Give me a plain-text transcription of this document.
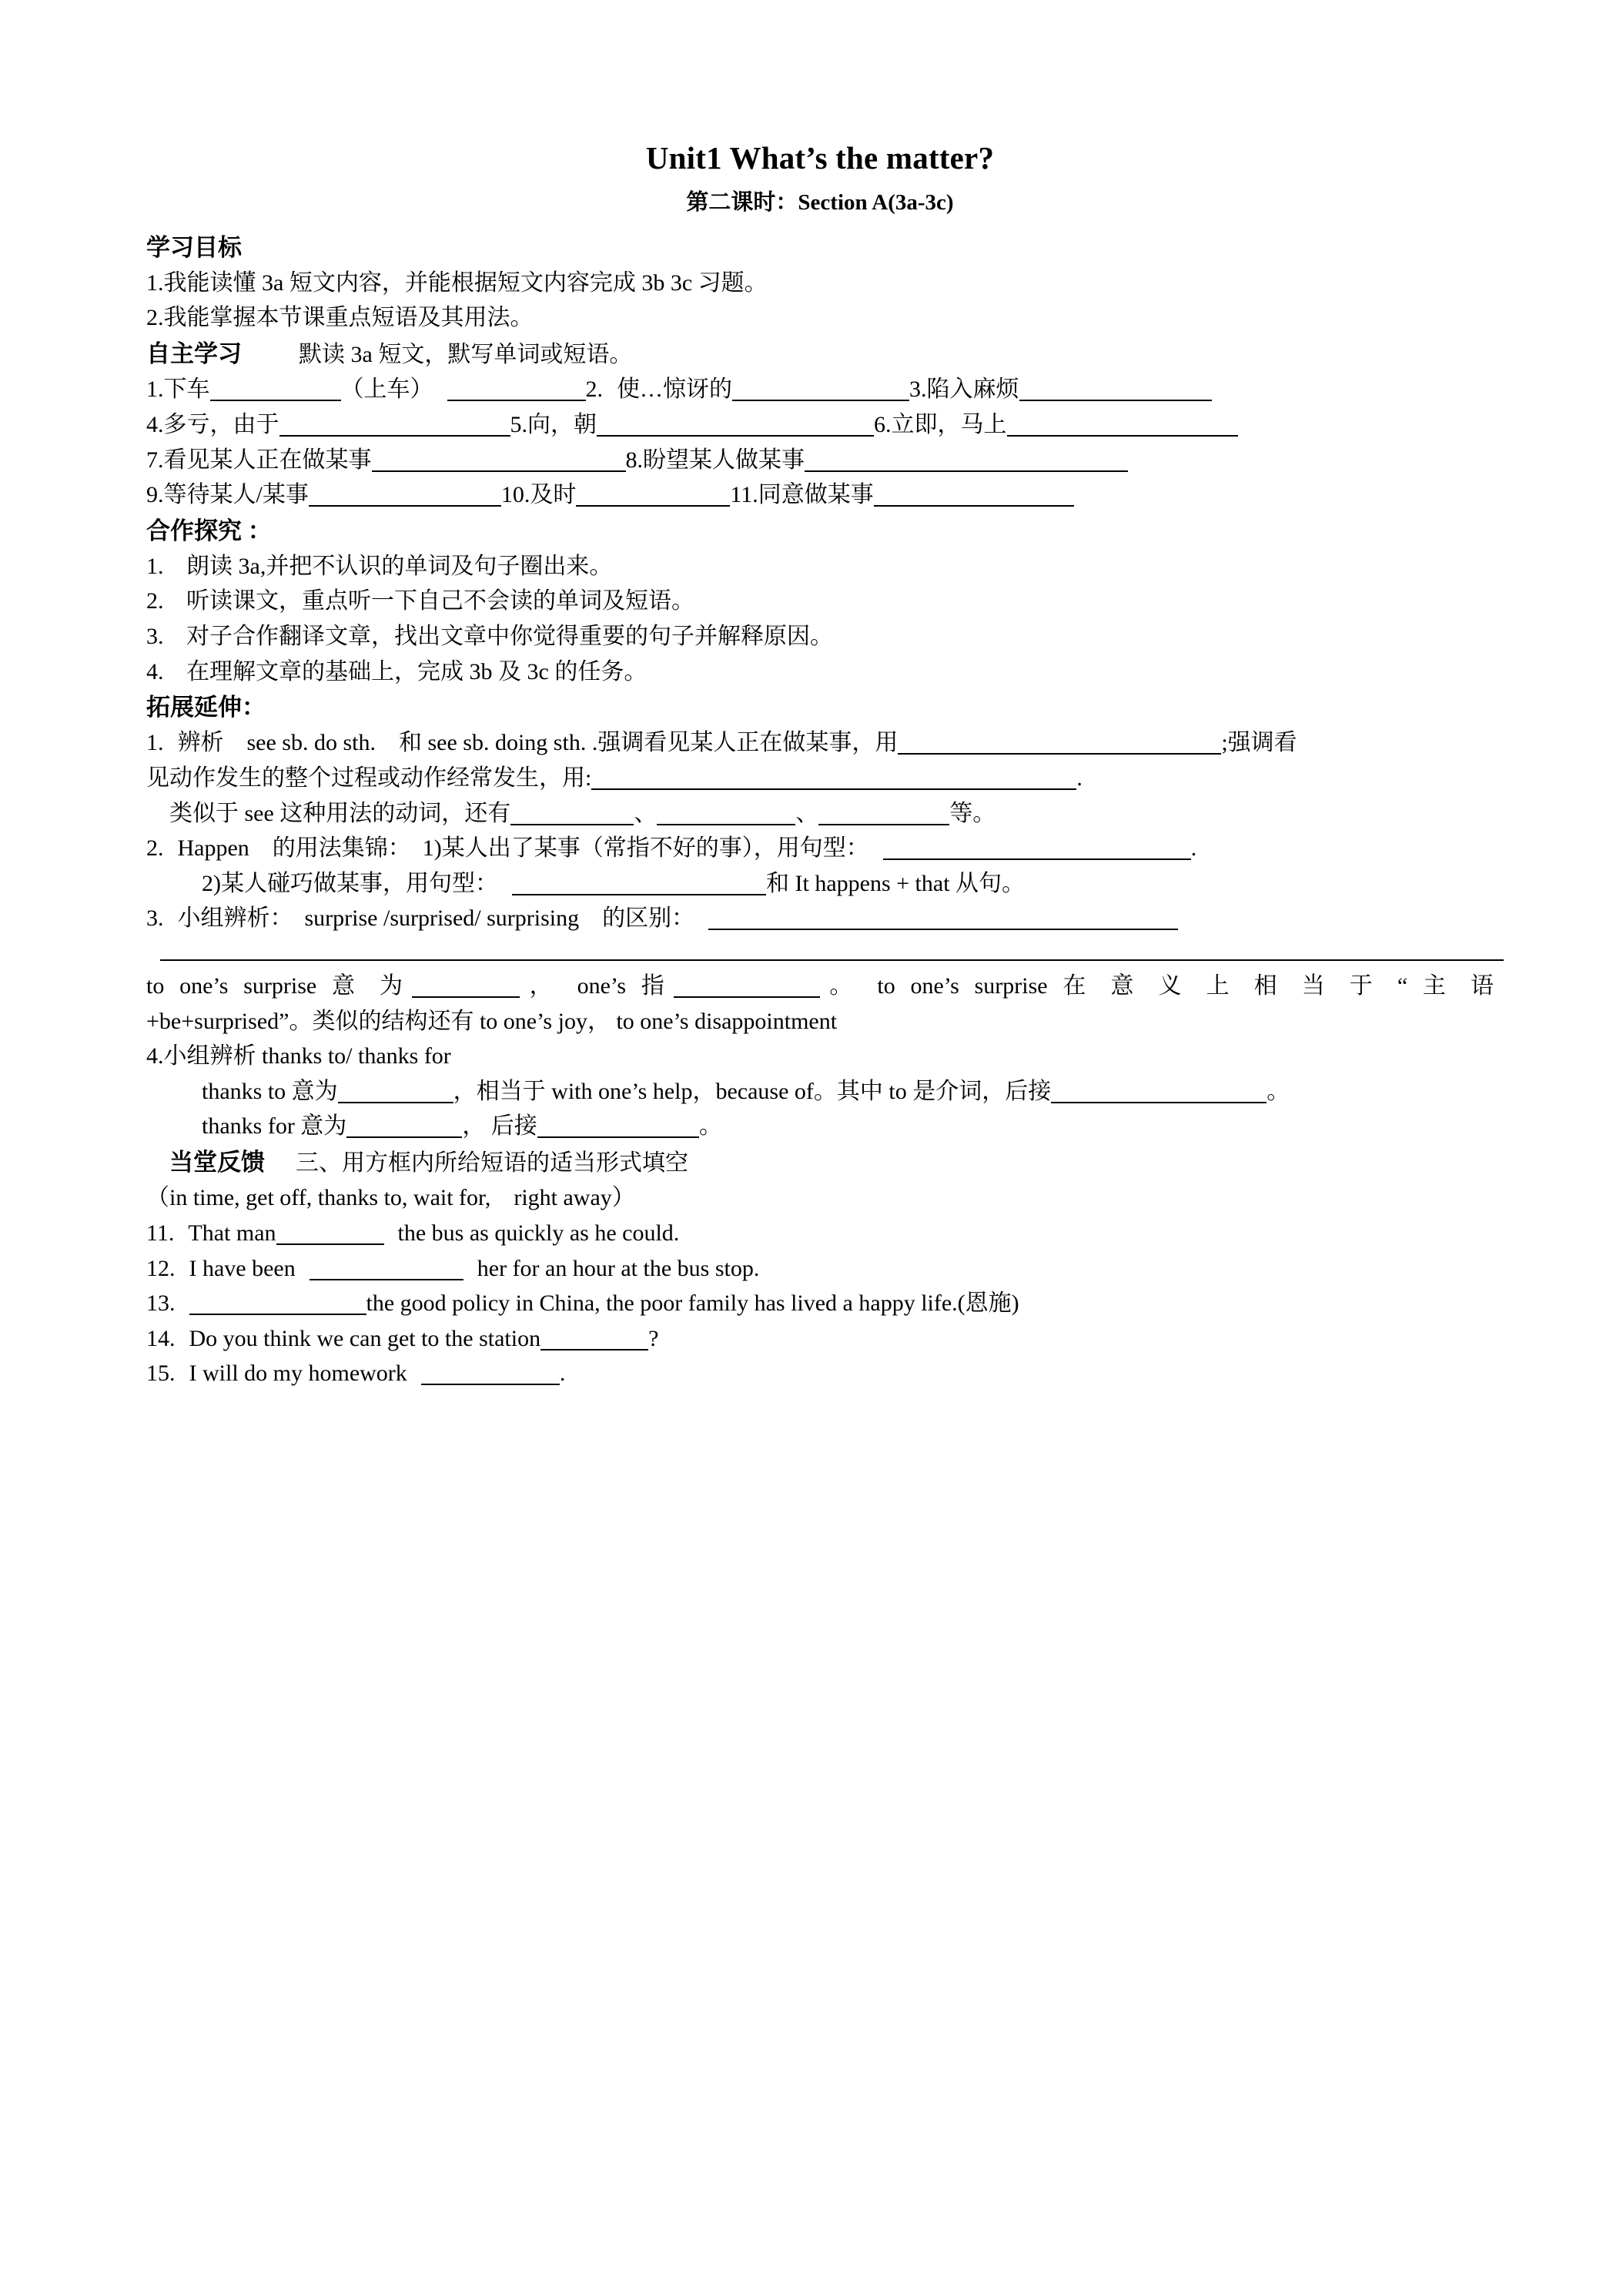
Unit1 What’s the matter?
第二课时：Section A(3a-3c)
学习目标
1.我能读懂 3a 短文内容，并能根据短文内容完成 3b 3c 习题。
2.我能掌握本节课重点短语及其用法。
自主学习 默读 3a 短文，默写单词或短语。
1.下车	（上车）	2. 使…惊讶的	3.陷入麻烦
4.多亏，由于	5.向，朝	6.立即，马上
7.看见某人正在做某事	8.盼望某人做某事
9.等待某人/某事	10.及时	11.同意做某事
合作探究 ：
1. 朗读 3a,并把不认识的单词及句子圈出来。
2. 听读课文，重点听一下自己不会读的单词及短语。
3. 对子合作翻译文章，找出文章中你觉得重要的句子并解释原因。
4. 在理解文章的基础上，完成 3b 及 3c 的任务。
拓展延伸：
1. 辨析　see sb. do sth.　和 see sb. doing sth. .强调看见某人正在做某事，用	;强调看
见动作发生的整个过程或动作经常发生，用:	.
类似于 see 这种用法的动词，还有	、	、	等。
2. Happen　的用法集锦：　1)某人出了某事（常指不好的事），用句型：	.
2)某人碰巧做某事，用句型：	和 It happens + that 从句。
3. 小组辨析：　surprise /surprised/ surprising　的区别：
to one’s surprise 意 为	， one’s 指	。 to one’s surprise 在 意 义 上 相 当 于 “ 主 语
+be+surprised”。类似的结构还有 to one’s joy， to one’s disappointment
4.小组辨析 thanks to/ thanks for
thanks to 意为	，相当于 with one’s help，because of。其中 to 是介词，后接	。
thanks for 意为	， 后接	。
当堂反馈 三、用方框内所给短语的适当形式填空
（in time, get off, thanks to, wait for,　right away）
11. That man	the bus as quickly as he could.
12. I have been	her for an hour at the bus stop.
13.	the good policy in China, the poor family has lived a happy life.(恩施)
14. Do you think we can get to the station	?
15. I will do my homework	.
